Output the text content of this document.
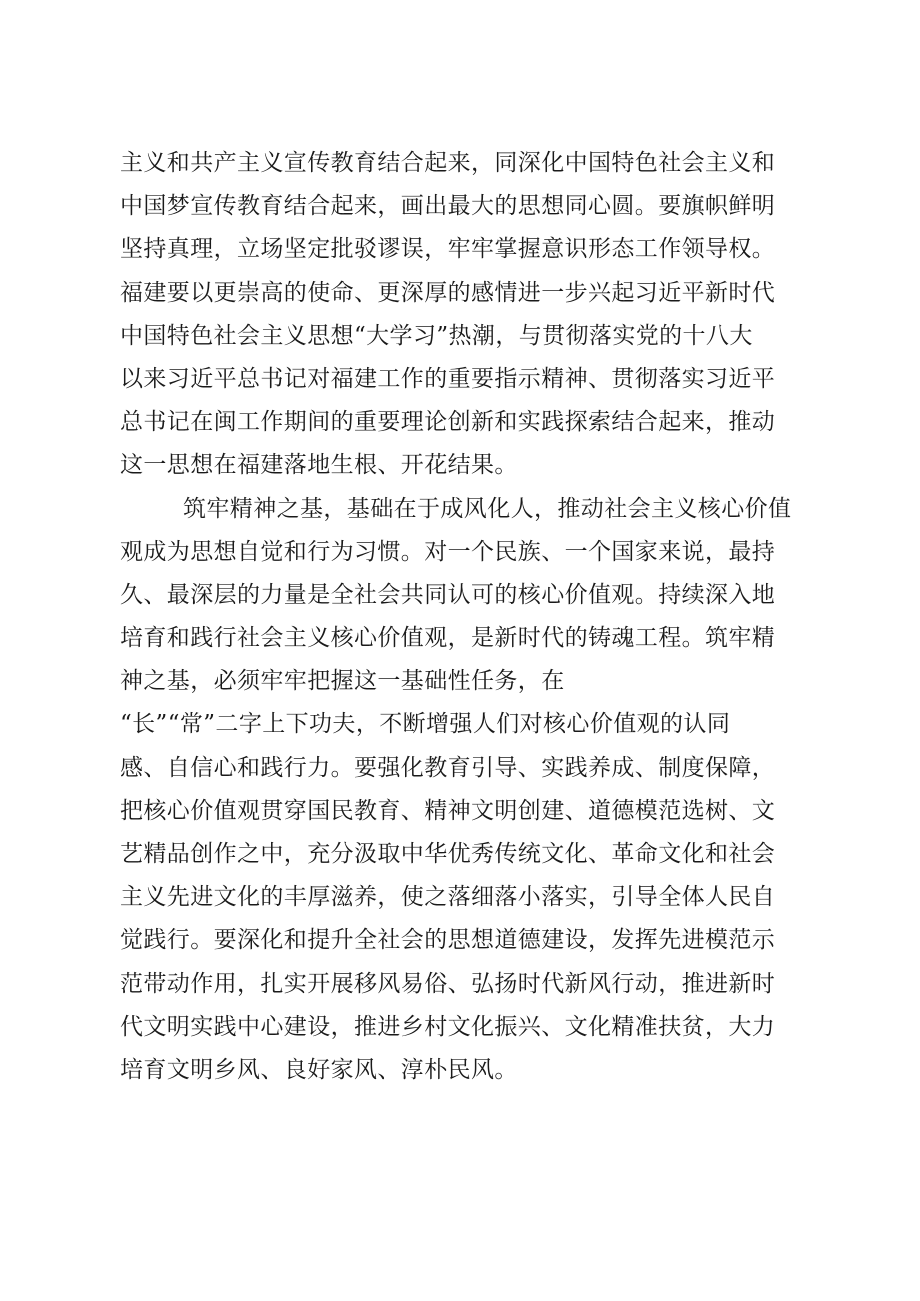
主义和共产主义宣传教育结合起来，同深化中国特色社会主义和
中国梦宣传教育结合起来，画出最大的思想同心圆。要旗帜鲜明
坚持真理，立场坚定批驳谬误，牢牢掌握意识形态工作领导权。
福建要以更崇高的使命、更深厚的感情进一步兴起习近平新时代
中国特色社会主义思想“大学习”热潮，与贯彻落实党的十八大
以来习近平总书记对福建工作的重要指示精神、贯彻落实习近平
总书记在闽工作期间的重要理论创新和实践探索结合起来，推动
这一思想在福建落地生根、开花结果。
筑牢精神之基，基础在于成风化人，推动社会主义核心价值
观成为思想自觉和行为习惯。对一个民族、一个国家来说，最持
久、最深层的力量是全社会共同认可的核心价值观。持续深入地
培育和践行社会主义核心价值观，是新时代的铸魂工程。筑牢精
神之基，必须牢牢把握这一基础性任务，在
“长”“常”二字上下功夫，不断增强人们对核心价值观的认同
感、自信心和践行力。要强化教育引导、实践养成、制度保障，
把核心价值观贯穿国民教育、精神文明创建、道德模范选树、文
艺精品创作之中，充分汲取中华优秀传统文化、革命文化和社会
主义先进文化的丰厚滋养，使之落细落小落实，引导全体人民自
觉践行。要深化和提升全社会的思想道德建设，发挥先进模范示
范带动作用，扎实开展移风易俗、弘扬时代新风行动，推进新时
代文明实践中心建设，推进乡村文化振兴、文化精准扶贫，大力
培育文明乡风、良好家风、淳朴民风。
